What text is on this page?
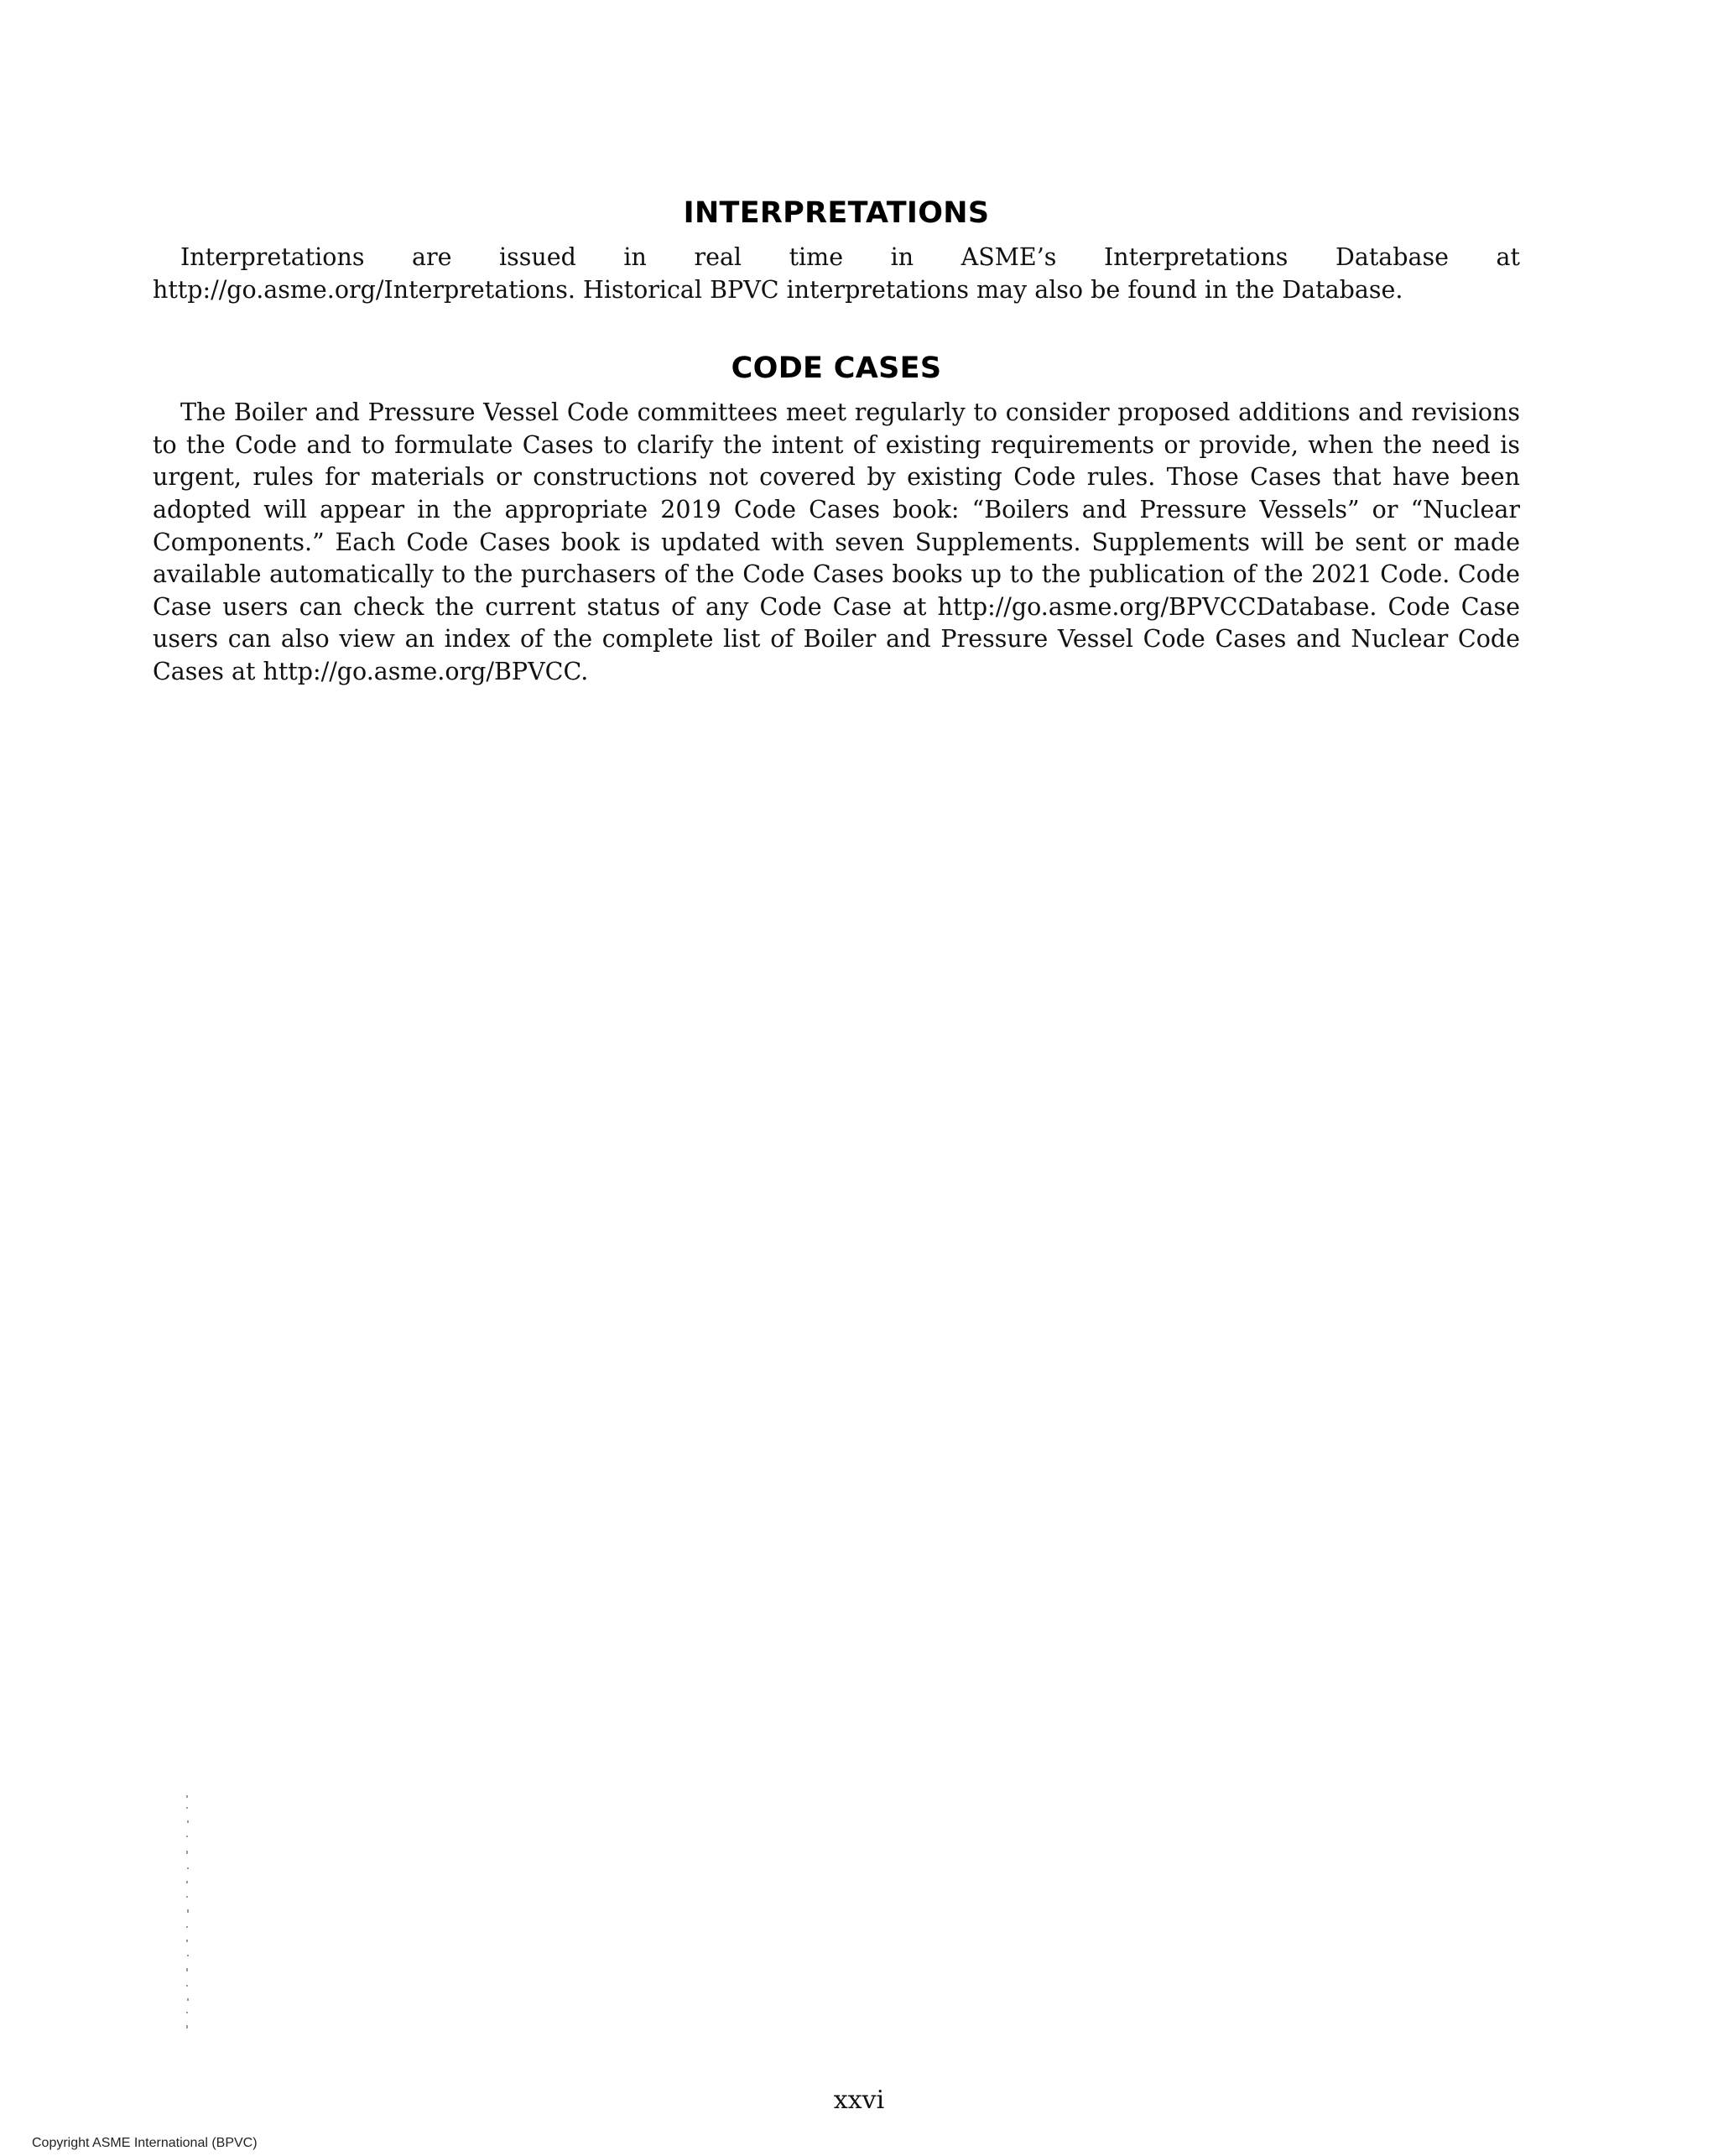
INTERPRETATIONS

Interpretations are issued in real time in ASME’s Interpretations Database at http://go.asme.org/Interpretations. Historical BPVC interpretations may also be found in the Database.

CODE CASES

The Boiler and Pressure Vessel Code committees meet regularly to consider proposed additions and revisions to the Code and to formulate Cases to clarify the intent of existing requirements or provide, when the need is urgent, rules for materials or constructions not covered by existing Code rules. Those Cases that have been adopted will appear in the appropriate 2019 Code Cases book: “Boilers and Pressure Vessels” or “Nuclear Components.” Each Code Cases book is updated with seven Supplements. Supplements will be sent or made available automatically to the purchasers of the Code Cases books up to the publication of the 2021 Code. Code Case users can check the current status of any Code Case at http://go.asme.org/BPVCCDatabase. Code Case users can also view an index of the complete list of Boiler and Pressure Vessel Code Cases and Nuclear Code Cases at http://go.asme.org/BPVCC.

xxvi
Copyright ASME International (BPVC)
